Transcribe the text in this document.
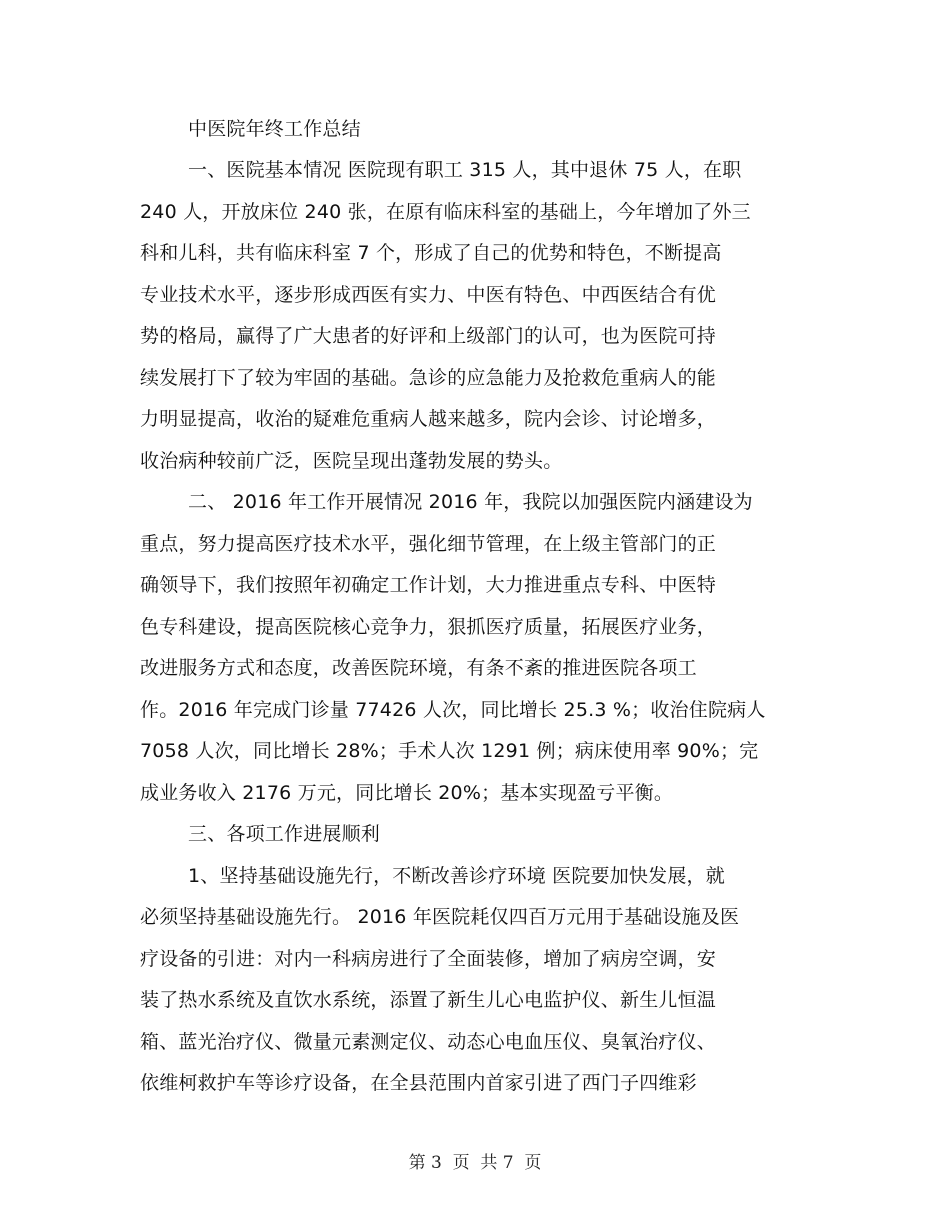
中医院年终工作总结
一、医院基本情况 医院现有职工 315 人，其中退休 75 人，在职
240 人，开放床位 240 张，在原有临床科室的基础上，今年增加了外三
科和儿科，共有临床科室 7 个，形成了自己的优势和特色，不断提高
专业技术水平，逐步形成西医有实力、中医有特色、中西医结合有优
势的格局，赢得了广大患者的好评和上级部门的认可，也为医院可持
续发展打下了较为牢固的基础。急诊的应急能力及抢救危重病人的能
力明显提高，收治的疑难危重病人越来越多，院内会诊、讨论增多，
收治病种较前广泛，医院呈现出蓬勃发展的势头。
二、 2016 年工作开展情况 2016 年，我院以加强医院内涵建设为
重点，努力提高医疗技术水平，强化细节管理，在上级主管部门的正
确领导下，我们按照年初确定工作计划，大力推进重点专科、中医特
色专科建设，提高医院核心竞争力，狠抓医疗质量，拓展医疗业务，
改进服务方式和态度，改善医院环境，有条不紊的推进医院各项工
作。2016 年完成门诊量 77426 人次，同比增长 25.3 %；收治住院病人
7058 人次，同比增长 28%；手术人次 1291 例；病床使用率 90%；完
成业务收入 2176 万元，同比增长 20%；基本实现盈亏平衡。
三、各项工作进展顺利
1、坚持基础设施先行，不断改善诊疗环境 医院要加快发展，就
必须坚持基础设施先行。 2016 年医院耗仅四百万元用于基础设施及医
疗设备的引进：对内一科病房进行了全面装修，增加了病房空调，安
装了热水系统及直饮水系统，添置了新生儿心电监护仪、新生儿恒温
箱、蓝光治疗仪、微量元素测定仪、动态心电血压仪、臭氧治疗仪、
依维柯救护车等诊疗设备，在全县范围内首家引进了西门子四维彩
第 3  页  共 7  页
